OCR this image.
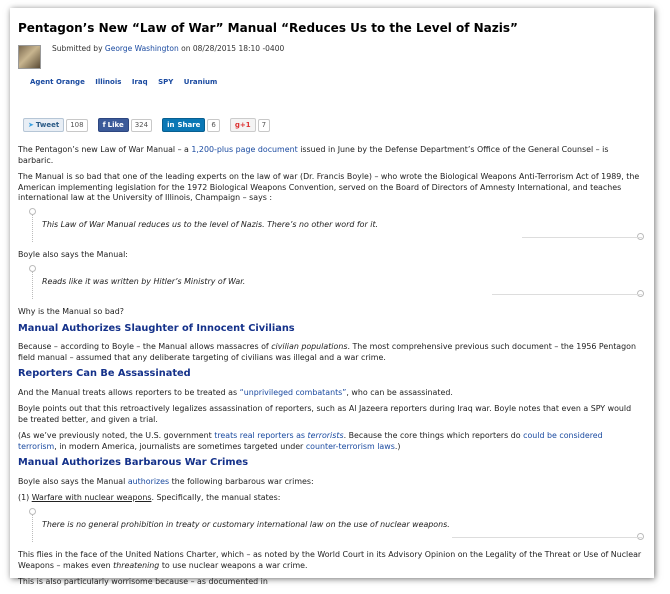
Pentagon’s New “Law of War” Manual “Reduces Us to the Level of Nazis”
Submitted by George Washington on 08/28/2015 18:10 -0400
Agent Orange Illinois Iraq SPY Uranium
➤ Tweet	108	f Like	324	in Share	6	g+1	7

The Pentagon’s new Law of War Manual – a 1,200-plus page document issued in June by the Defense Department’s Office of the General Counsel – is barbaric.

The Manual is so bad that one of the leading experts on the law of war (Dr. Francis Boyle) – who wrote the Biological Weapons Anti-Terrorism Act of 1989, the American implementing legislation for the 1972 Biological Weapons Convention, served on the Board of Directors of Amnesty International, and teaches international law at the University of Illinois, Champaign – says :

This Law of War Manual reduces us to the level of Nazis. There’s no other word for it.

Boyle also says the Manual:

Reads like it was written by Hitler’s Ministry of War.

Why is the Manual so bad?

Manual Authorizes Slaughter of Innocent Civilians

Because – according to Boyle – the Manual allows massacres of civilian populations. The most comprehensive previous such document – the 1956 Pentagon field manual – assumed that any deliberate targeting of civilians was illegal and a war crime.

Reporters Can Be Assassinated

And the Manual treats allows reporters to be treated as “unprivileged combatants”, who can be assassinated.

Boyle points out that this retroactively legalizes assassination of reporters, such as Al Jazeera reporters during Iraq war. Boyle notes that even a SPY would be treated better, and given a trial.

(As we’ve previously noted, the U.S. government treats real reporters as terrorists. Because the core things which reporters do could be considered terrorism, in modern America, journalists are sometimes targeted under counter-terrorism laws.)

Manual Authorizes Barbarous War Crimes

Boyle also says the Manual authorizes the following barbarous war crimes:

(1) Warfare with nuclear weapons. Specifically, the manual states:

There is no general prohibition in treaty or customary international law on the use of nuclear weapons.

This flies in the face of the United Nations Charter, which – as noted by the World Court in its Advisory Opinion on the Legality of the Threat or Use of Nuclear Weapons – makes even threatening to use nuclear weapons a war crime.

This is also particularly worrisome because – as documented in
